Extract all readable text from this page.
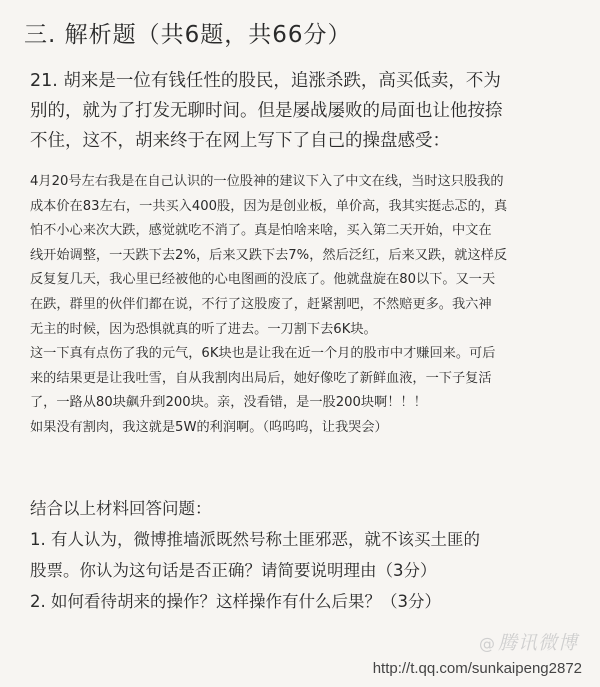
三. 解析题（共6题，共66分）
21. 胡来是一位有钱任性的股民，追涨杀跌，高买低卖，不为
别的，就为了打发无聊时间。但是屡战屡败的局面也让他按捺
不住，这不，胡来终于在网上写下了自己的操盘感受：
4月20号左右我是在自己认识的一位股神的建议下入了中文在线，当时这只股我的
成本价在83左右，一共买入400股，因为是创业板，单价高，我其实挺忐忑的，真
怕不小心来次大跌，感觉就吃不消了。真是怕啥来啥，买入第二天开始，中文在
线开始调整，一天跌下去2%，后来又跌下去7%，然后泛红，后来又跌，就这样反
反复复几天，我心里已经被他的心电图画的没底了。他就盘旋在80以下。又一天
在跌，群里的伙伴们都在说，不行了这股废了，赶紧割吧，不然赔更多。我六神
无主的时候，因为恐惧就真的听了进去。一刀割下去6K块。
这一下真有点伤了我的元气，6K块也是让我在近一个月的股市中才赚回来。可后
来的结果更是让我吐雪，自从我割肉出局后，她好像吃了新鲜血液，一下子复活
了，一路从80块飙升到200块。亲，没看错，是一股200块啊！！！
如果没有割肉，我这就是5W的利润啊。（呜呜呜，让我哭会）
结合以上材料回答问题：
1. 有人认为，微博推墙派既然号称土匪邪恶，就不该买土匪的
股票。你认为这句话是否正确？请简要说明理由（3分）
2. 如何看待胡来的操作？这样操作有什么后果？（3分）
@ 腾讯微博
http://t.qq.com/sunkaipeng2872
